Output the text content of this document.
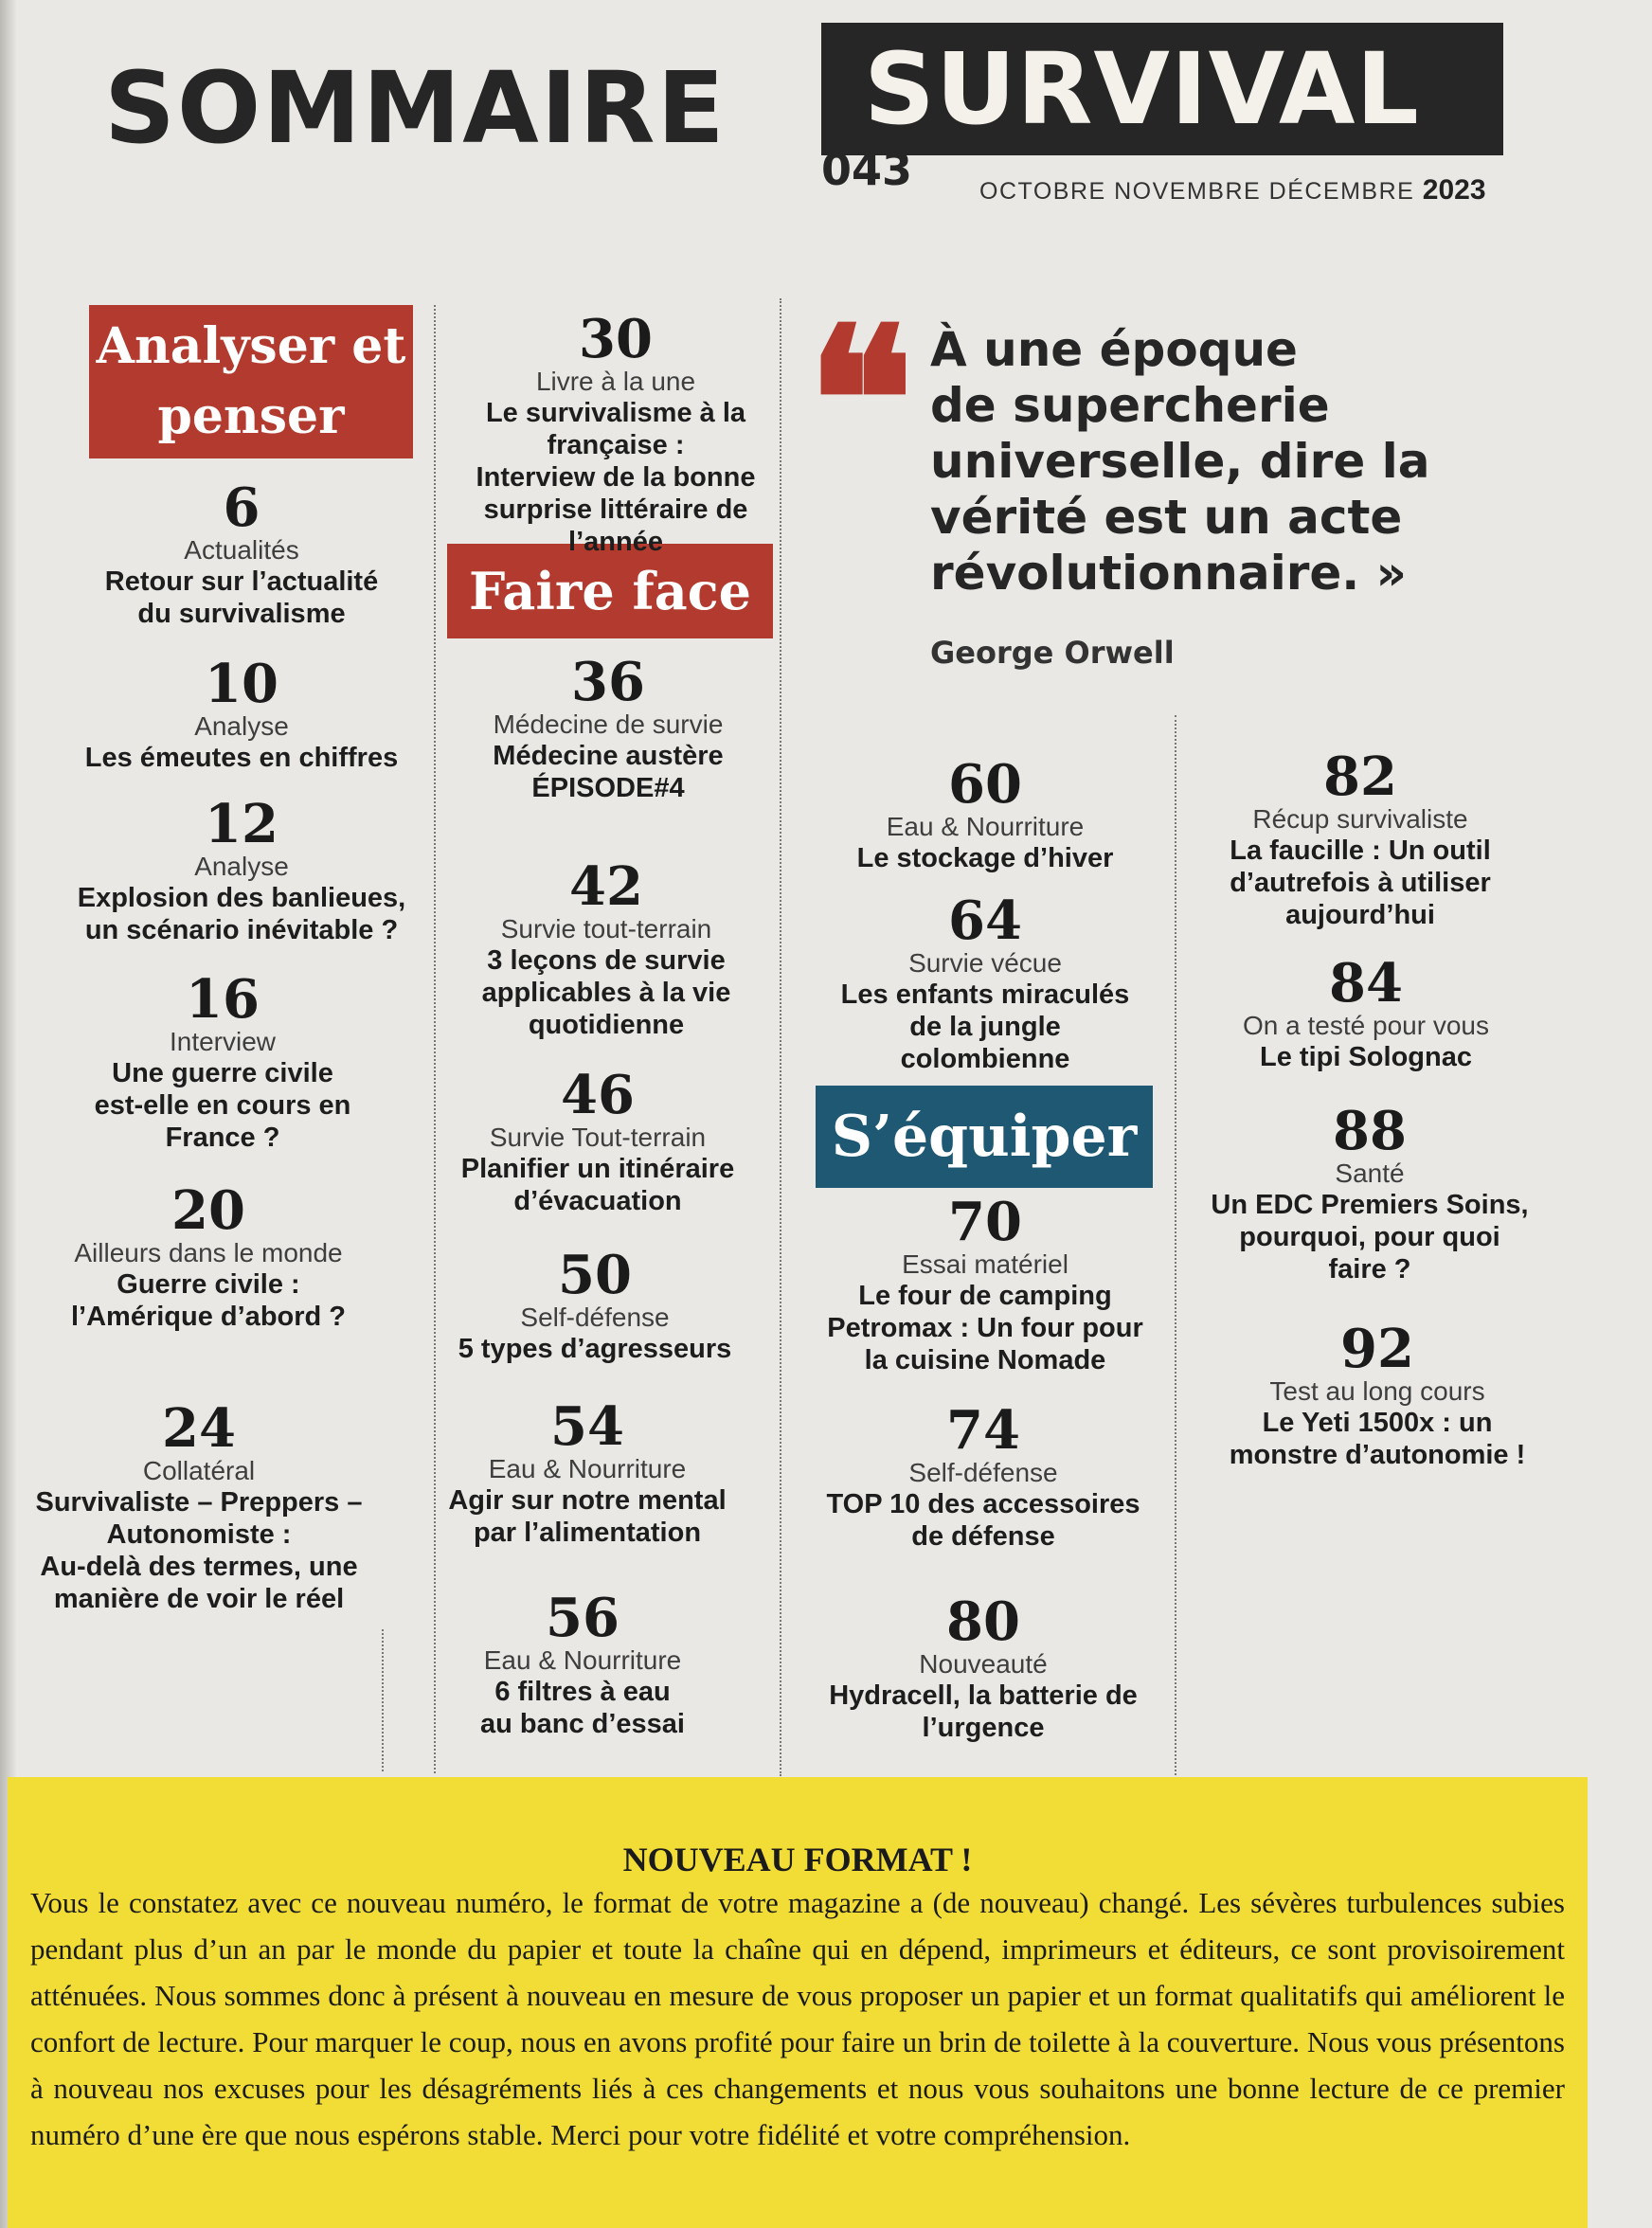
SOMMAIRE SURVIVAL
043	OCTOBRE NOVEMBRE DÉCEMBRE 2023
Analyser et penser
Faire face
S’équiper
6
Actualités
Retour sur l’actualité
du survivalisme
10
Analyse
Les émeutes en chiffres
12
Analyse
Explosion des banlieues,
un scénario inévitable ?
16
Interview
Une guerre civile
est-elle en cours en
France ?
20
Ailleurs dans le monde
Guerre civile :
l’Amérique d’abord ?
24
Collatéral
Survivaliste – Preppers –
Autonomiste :
Au-delà des termes, une
manière de voir le réel
30
Livre à la une
Le survivalisme à la
française :
Interview de la bonne
surprise littéraire de
l’année
36
Médecine de survie
Médecine austère
ÉPISODE#4
42
Survie tout-terrain
3 leçons de survie
applicables à la vie
quotidienne
46
Survie Tout-terrain
Planifier un itinéraire
d’évacuation
50
Self-défense
5 types d’agresseurs
54
Eau & Nourriture
Agir sur notre mental
par l’alimentation
56
Eau & Nourriture
6 filtres à eau
au banc d’essai
❝ À une époque
de supercherie
universelle, dire la
vérité est un acte
révolutionnaire. »
George Orwell
60
Eau & Nourriture
Le stockage d’hiver
64
Survie vécue
Les enfants miraculés
de la jungle
colombienne
70
Essai matériel
Le four de camping
Petromax : Un four pour
la cuisine Nomade
74
Self-défense
TOP 10 des accessoires
de défense
80
Nouveauté
Hydracell, la batterie de
l’urgence
82
Récup survivaliste
La faucille : Un outil
d’autrefois à utiliser
aujourd’hui
84
On a testé pour vous
Le tipi Solognac
88
Santé
Un EDC Premiers Soins,
pourquoi, pour quoi
faire ?
92
Test au long cours
Le Yeti 1500x : un
monstre d’autonomie !
NOUVEAU FORMAT !

Vous le constatez avec ce nouveau numéro, le format de votre magazine a (de nouveau) changé. Les sévères turbulences subies pendant plus d’un an par le monde du papier et toute la chaîne qui en dépend, imprimeurs et éditeurs, ce sont provisoirement atténuées. Nous sommes donc à présent à nouveau en mesure de vous proposer un papier et un format qualitatifs qui améliorent le confort de lecture. Pour marquer le coup, nous en avons profité pour faire un brin de toilette à la couverture. Nous vous présentons à nouveau nos excuses pour les désagréments liés à ces changements et nous vous souhaitons une bonne lecture de ce premier numéro d’une ère que nous espérons stable. Merci pour votre fidélité et votre compréhension.
